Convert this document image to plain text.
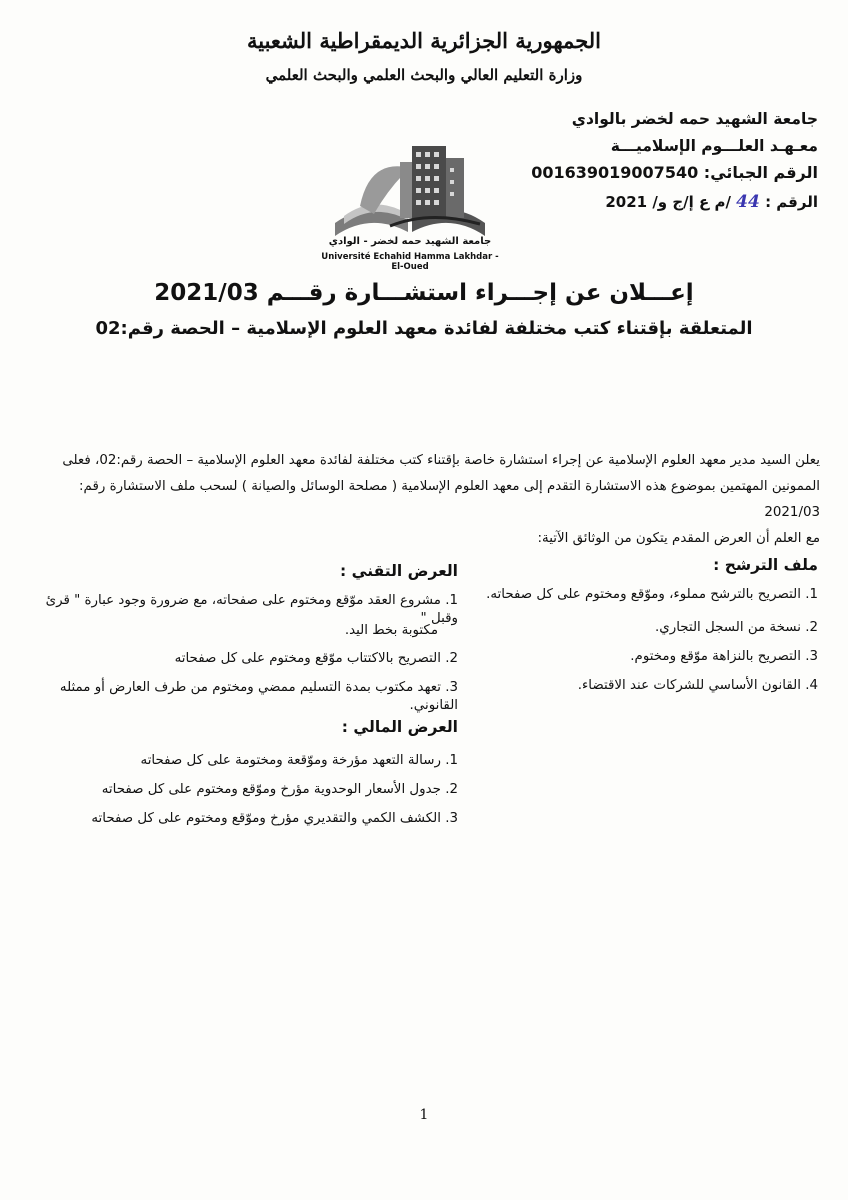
الجمهورية الجزائرية الديمقراطية الشعبية
وزارة التعليم العالي والبحث العلمي والبحث العلمي
جامعة الشهيد حمه لخضر بالوادي
معـهـد العلـــوم الإسلاميـــة
الرقم الجبائي: 001639019007540
الرقم : 44 /م ع إ/ج و/ 2021
جامعة الشهيد حمه لخضر - الوادي
Université Echahid Hamma Lakhdar - El-Oued
إعـــلان عن إجـــراء استشـــارة رقـــم 2021/03
المتعلقة بإقتناء كتب مختلفة لفائدة معهد العلوم الإسلامية – الحصة رقم:02
يعلن السيد مدير معهد العلوم الإسلامية عن إجراء استشارة خاصة بإقتناء كتب مختلفة لفائدة معهد العلوم الإسلامية – الحصة رقم:02، فعلى
الممونين المهتمين بموضوع هذه الاستشارة التقدم إلى معهد العلوم الإسلامية ( مصلحة الوسائل والصيانة ) لسحب ملف الاستشارة رقم: 2021/03
مع العلم أن العرض المقدم يتكون من الوثائق الآتية:
ملف الترشح :
1. التصريح بالترشح مملوء، وموّقع ومختوم على كل صفحاته.
2. نسخة من السجل التجاري.
3. التصريح بالنزاهة موّقع ومختوم.
4. القانون الأساسي للشركات عند الاقتضاء.
العرض التقني :
1. مشروع العقد موّقع ومختوم على صفحاته، مع ضرورة وجود عبارة " قرئ وقبل "
مكتوبة بخط اليد.
2. التصريح بالاكتتاب موّقع ومختوم على كل صفحاته
3. تعهد مكتوب بمدة التسليم ممضي ومختوم من طرف العارض أو ممثله القانوني.
العرض المالي :
1. رسالة التعهد مؤرخة وموّقعة ومختومة على كل صفحاته
2. جدول الأسعار الوحدوية مؤرخ وموّقع ومختوم على كل صفحاته
3. الكشف الكمي والتقديري مؤرخ وموّقع ومختوم على كل صفحاته
1
